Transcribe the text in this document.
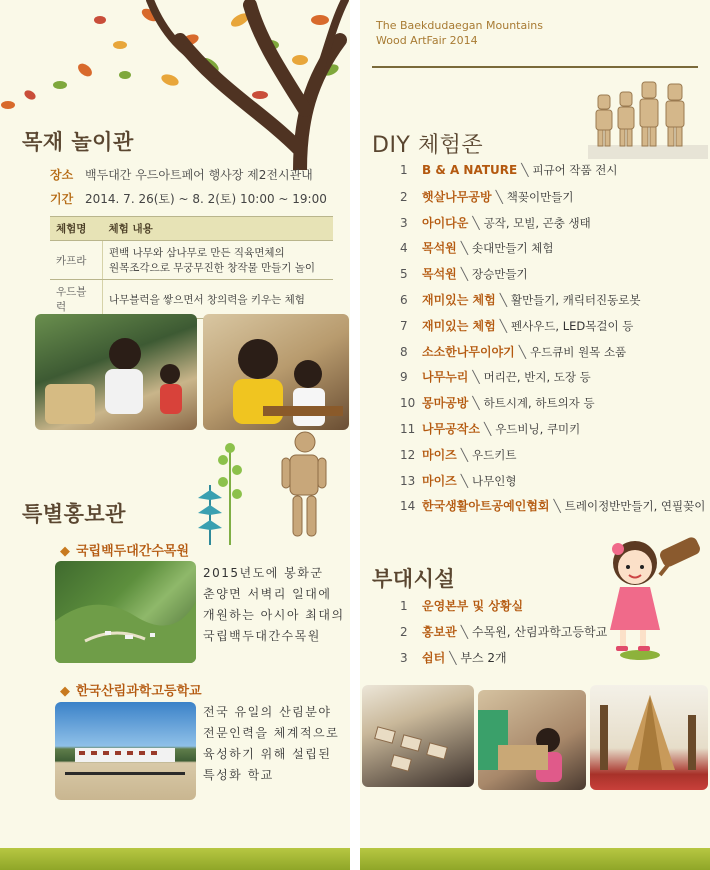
목재 놀이관
장소 백두대간 우드아트페어 행사장 제2전시관내
기간 2014. 7. 26(토) ~ 8. 2(토) 10:00 ~ 19:00
체험명	체험 내용
카프라	편백 나무와 삼나무로 만든 직육면체의
원목조각으로 무궁무진한 창작물 만들기 놀이
우드블럭	나무블럭을 쌓으면서 창의력을 키우는 체험
특별홍보관
◆ 국립백두대간수목원
2015년도에 봉화군
춘양면 서벽리 일대에
개원하는 아시아 최대의
국립백두대간수목원
◆ 한국산림과학고등학교
전국 유일의 산림분야
전문인력을 체계적으로
육성하기 위해 설립된
특성화 학교
The Baekdudaegan Mountains
Wood ArtFair 2014
DIY 체험존
1 B & A NATURE ╲ 피규어 작품 전시
2 햇살나무공방 ╲ 책꽂이만들기
3 아이다운 ╲ 공작, 모빌, 곤충 생태
4 목석원 ╲ 솟대만들기 체험
5 목석원 ╲ 장승만들기
6 재미있는 체험 ╲ 활만들기, 캐릭터진동로봇
7 재미있는 체험 ╲ 펜사우드, LED목걸이 등
8 소소한나무이야기 ╲ 우드큐비 원목 소품
9 나무누리 ╲ 머리끈, 반지, 도장 등
10 몽마공방 ╲ 하트시계, 하트의자 등
11 나무공작소 ╲ 우드비닝, 쿠미키
12 마이즈 ╲ 우드키트
13 마이즈 ╲ 나무인형
14 한국생활아트공예인협회 ╲ 트레이정반만들기, 연필꽂이
부대시설
1 운영본부 및 상황실
2 홍보관 ╲ 수목원, 산림과학고등학교
3 쉼터 ╲ 부스 2개
